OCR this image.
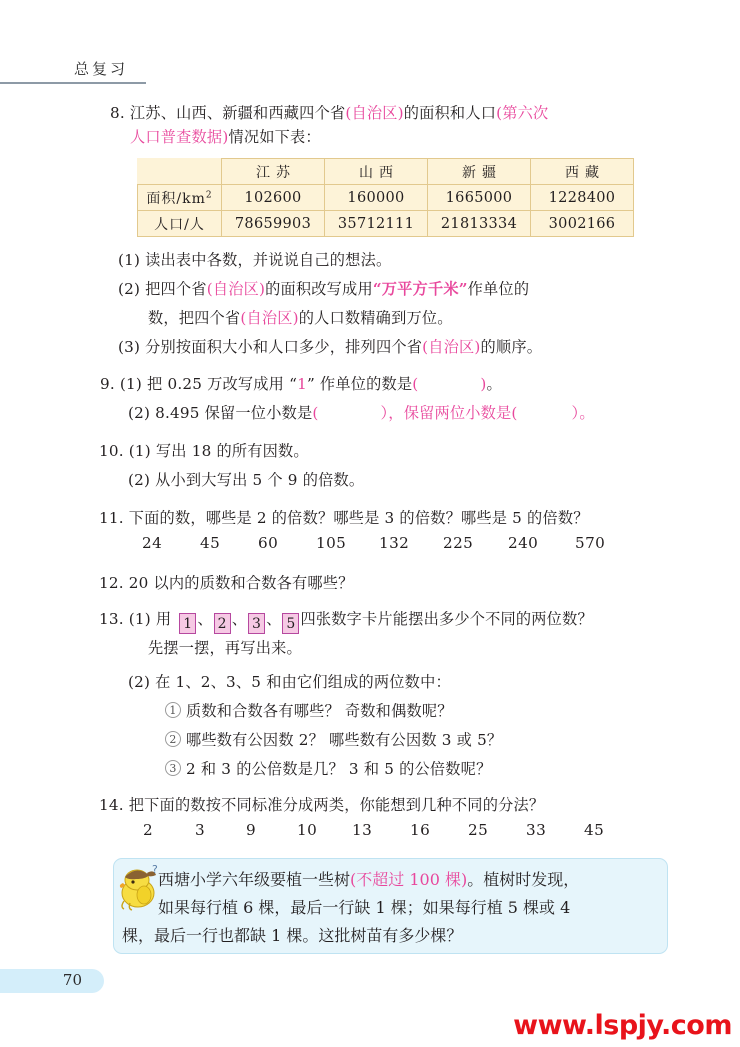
总复习
8. 江苏、山西、新疆和西藏四个省(自治区)的面积和人口(第六次
人口普查数据)情况如下表：
	江苏	山西	新疆	西藏
面积$/km^2$	102600	160000	1665000	1228400
人口/人	78659903	35712111	21813334	3002166
(1) 读出表中各数，并说说自己的想法。
(2) 把四个省(自治区)的面积改写成用“万平方千米”作单位的
数，把四个省(自治区)的人口数精确到万位。
(3) 分别按面积大小和人口多少，排列四个省(自治区)的顺序。
9. (1) 把 0.25 万改写成用 “1” 作单位的数是(	)。
(2) 8.495 保留一位小数是(	），保留两位小数是(	）。
10. (1) 写出 18 的所有因数。
(2) 从小到大写出 5 个 9 的倍数。
11. 下面的数，哪些是 2 的倍数？哪些是 3 的倍数？哪些是 5 的倍数？
24 45 60 105 132 225 240 570
12. 20 以内的质数和合数各有哪些？
13. (1) 用 1 、 2 、 3 、 5 四张数字卡片能摆出多少个不同的两位数？
先摆一摆，再写出来。
(2) 在 1、2、3、5 和由它们组成的两位数中：
1 质数和合数各有哪些？ 奇数和偶数呢？
2 哪些数有公因数 2？ 哪些数有公因数 3 或 5？
3 2 和 3 的公倍数是几？ 3 和 5 的公倍数呢？
14. 把下面的数按不同标准分成两类，你能想到几种不同的分法？
2	3	9	10 13 16 25 33 45
?
西塘小学六年级要植一些树(不超过 100 棵)。植树时发现，
如果每行植 6 棵，最后一行缺 1 棵；如果每行植 5 棵或 4
棵，最后一行也都缺 1 棵。这批树苗有多少棵？
70
www.lspjy.com
